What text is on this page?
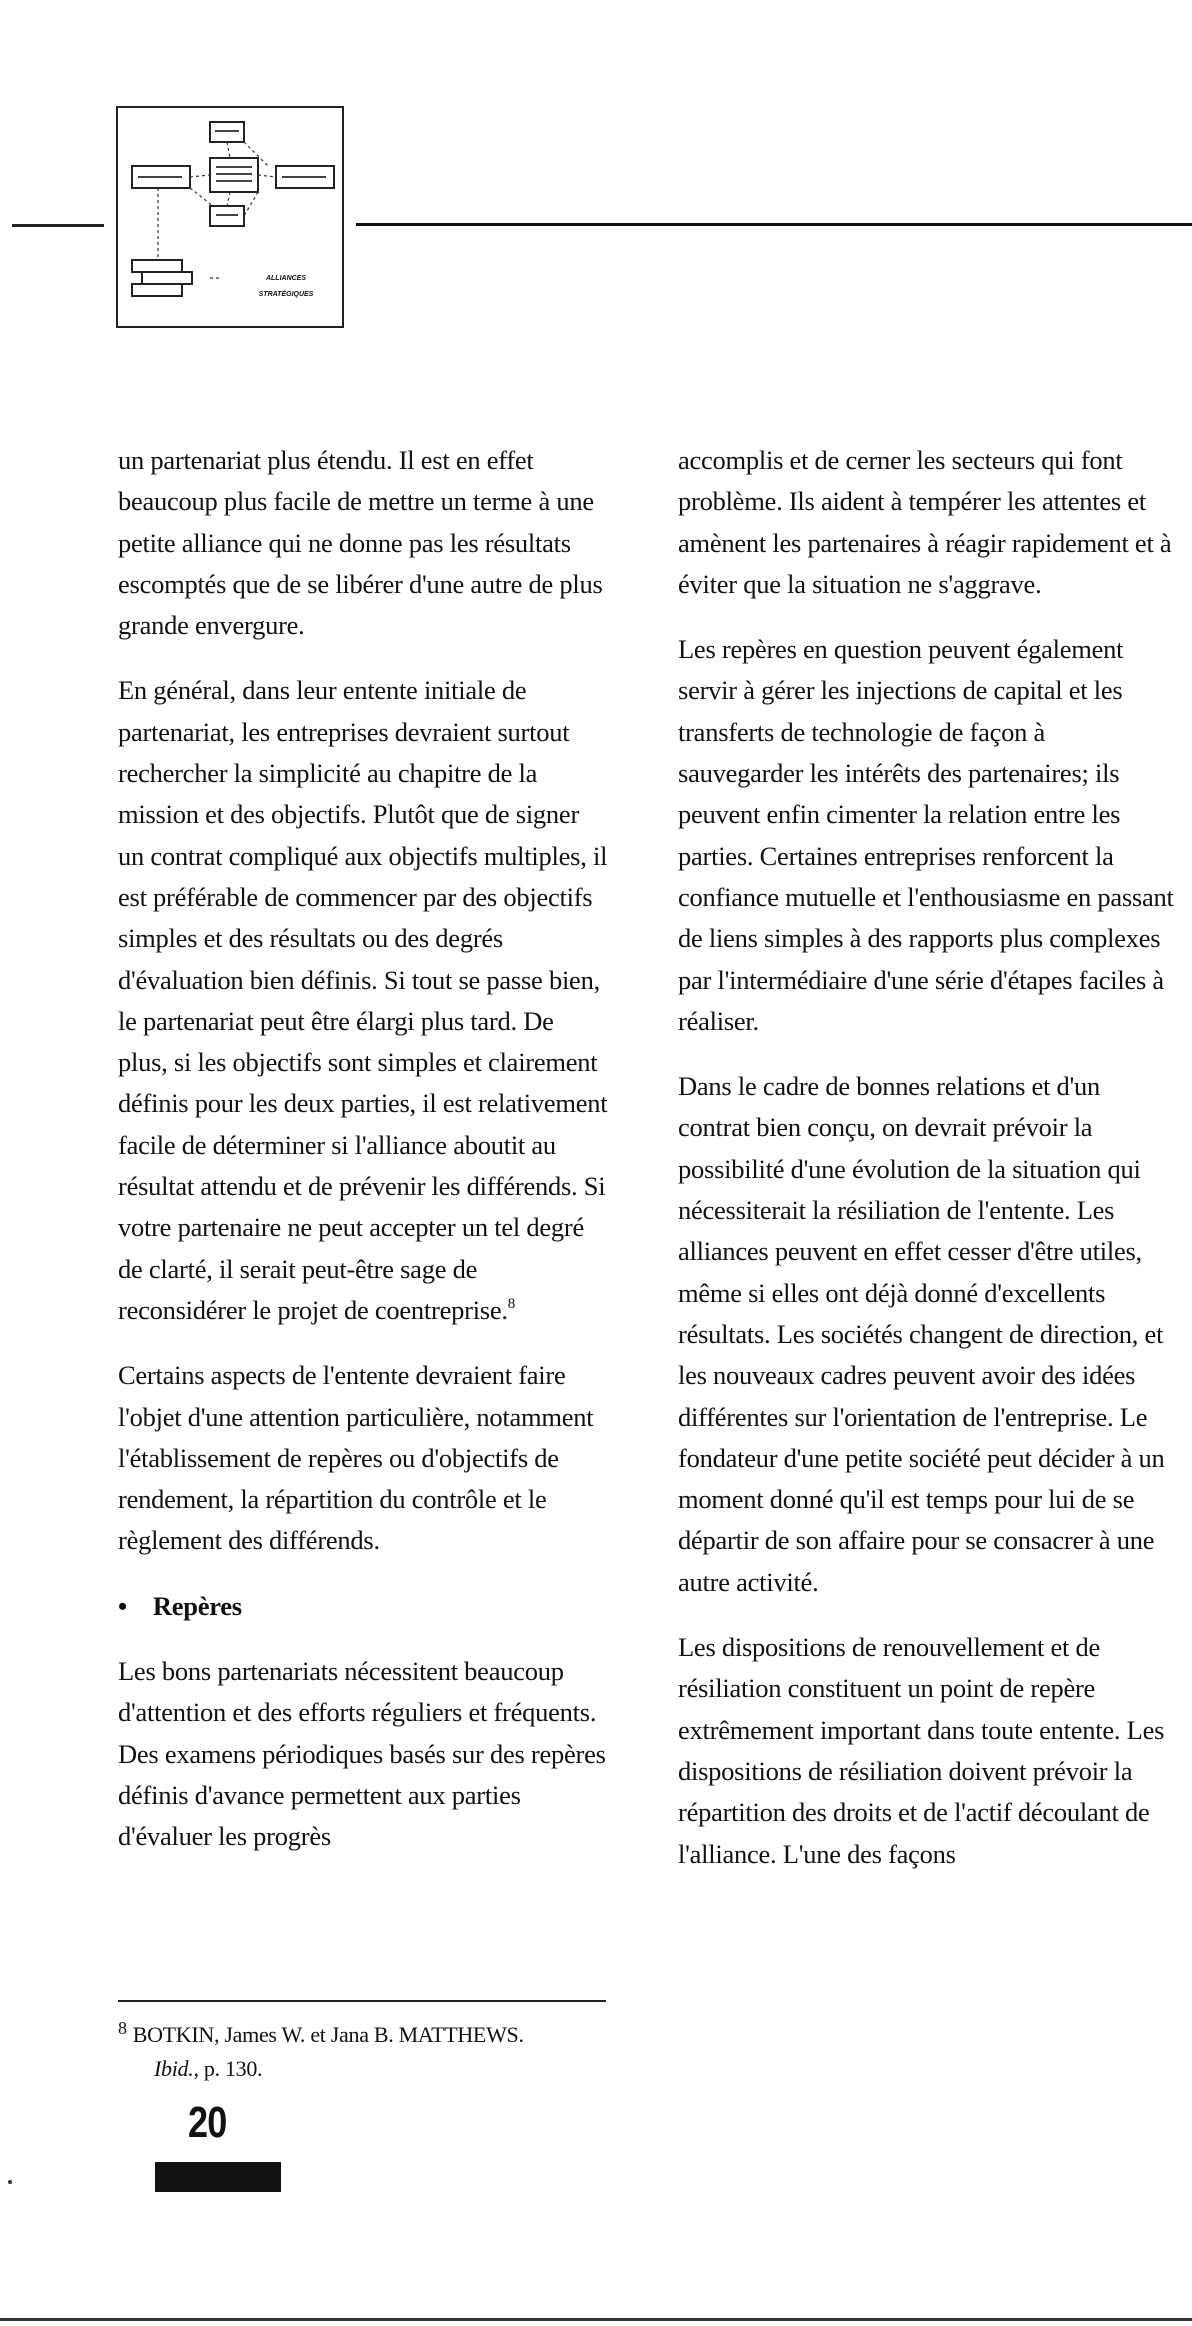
ALLIANCES
STRATÉGIQUES

un partenariat plus étendu. Il est en effet beaucoup plus facile de mettre un terme à une petite alliance qui ne donne pas les résultats escomptés que de se libérer d'une autre de plus grande envergure.

En général, dans leur entente initiale de partenariat, les entreprises devraient surtout rechercher la simplicité au chapitre de la mission et des objectifs. Plutôt que de signer un contrat compliqué aux objectifs multiples, il est préférable de commencer par des objectifs simples et des résultats ou des degrés d'évaluation bien définis. Si tout se passe bien, le partenariat peut être élargi plus tard. De plus, si les objectifs sont simples et clairement définis pour les deux parties, il est relativement facile de déterminer si l'alliance aboutit au résultat attendu et de prévenir les différends. Si votre partenaire ne peut accepter un tel degré de clarté, il serait peut-être sage de reconsidérer le projet de coentreprise.$^8$

Certains aspects de l'entente devraient faire l'objet d'une attention particulière, notamment l'établissement de repères ou d'objectifs de rendement, la répartition du contrôle et le règlement des différends.

• Repères

Les bons partenariats nécessitent beaucoup d'attention et des efforts réguliers et fréquents. Des examens périodiques basés sur des repères définis d'avance permettent aux parties d'évaluer les progrès

accomplis et de cerner les secteurs qui font problème. Ils aident à tempérer les attentes et amènent les partenaires à réagir rapidement et à éviter que la situation ne s'aggrave.

Les repères en question peuvent également servir à gérer les injections de capital et les transferts de technologie de façon à sauvegarder les intérêts des partenaires; ils peuvent enfin cimenter la relation entre les parties. Certaines entreprises renforcent la confiance mutuelle et l'enthousiasme en passant de liens simples à des rapports plus complexes par l'intermédiaire d'une série d'étapes faciles à réaliser.

Dans le cadre de bonnes relations et d'un contrat bien conçu, on devrait prévoir la possibilité d'une évolution de la situation qui nécessiterait la résiliation de l'entente. Les alliances peuvent en effet cesser d'être utiles, même si elles ont déjà donné d'excellents résultats. Les sociétés changent de direction, et les nouveaux cadres peuvent avoir des idées différentes sur l'orientation de l'entreprise. Le fondateur d'une petite société peut décider à un moment donné qu'il est temps pour lui de se départir de son affaire pour se consacrer à une autre activité.

Les dispositions de renouvellement et de résiliation constituent un point de repère extrêmement important dans toute entente. Les dispositions de résiliation doivent prévoir la répartition des droits et de l'actif découlant de l'alliance. L'une des façons

$^8$ BOTKIN, James W. et Jana B. MATTHEWS.
Ibid., p. 130.
20
